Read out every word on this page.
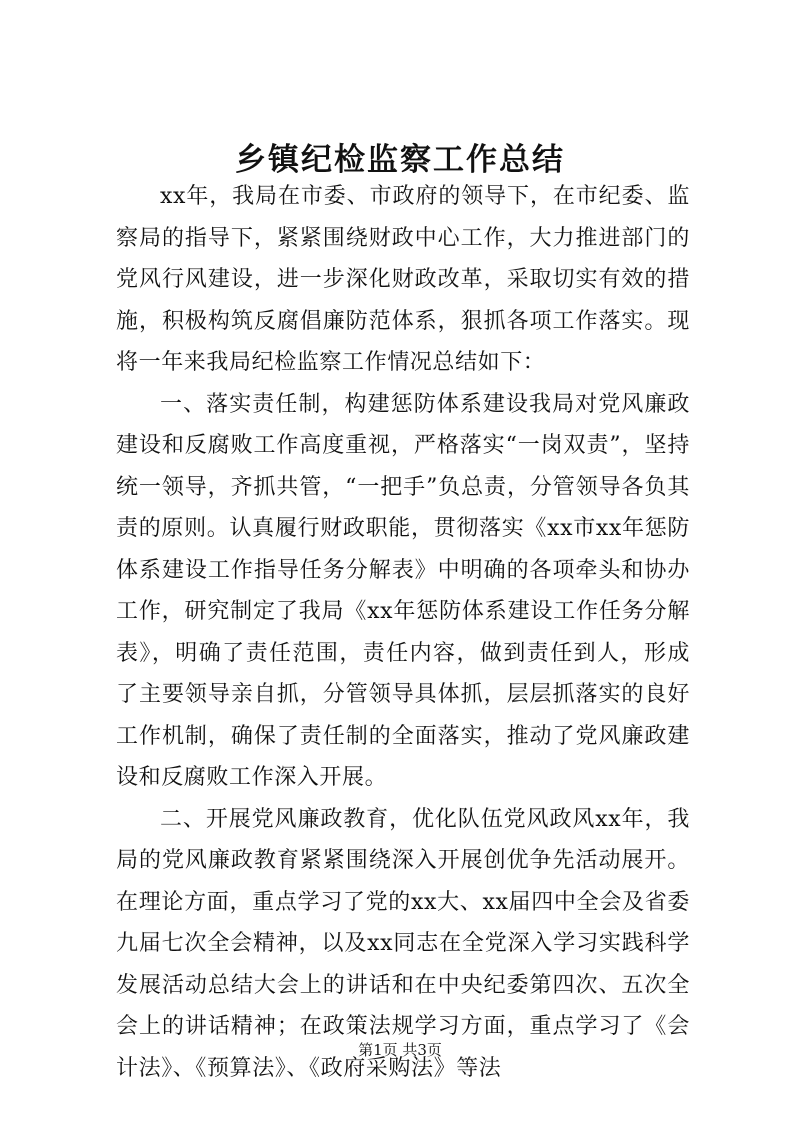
乡镇纪检监察工作总结

xx年，我局在市委、市政府的领导下，在市纪委、监察局的指导下，紧紧围绕财政中心工作，大力推进部门的党风行风建设，进一步深化财政改革，采取切实有效的措施，积极构筑反腐倡廉防范体系，狠抓各项工作落实。现将一年来我局纪检监察工作情况总结如下：

一、落实责任制，构建惩防体系建设我局对党风廉政建设和反腐败工作高度重视，严格落实“一岗双责”，坚持统一领导，齐抓共管，“一把手”负总责，分管领导各负其责的原则。认真履行财政职能，贯彻落实《xx市xx年惩防体系建设工作指导任务分解表》中明确的各项牵头和协办工作，研究制定了我局《xx年惩防体系建设工作任务分解表》，明确了责任范围，责任内容，做到责任到人，形成了主要领导亲自抓，分管领导具体抓，层层抓落实的良好工作机制，确保了责任制的全面落实，推动了党风廉政建设和反腐败工作深入开展。

二、开展党风廉政教育，优化队伍党风政风xx年，我局的党风廉政教育紧紧围绕深入开展创优争先活动展开。在理论方面，重点学习了党的xx大、xx届四中全会及省委九届七次全会精神，以及xx同志在全党深入学习实践科学发展活动总结大会上的讲话和在中央纪委第四次、五次全会上的讲话精神；在政策法规学习方面，重点学习了《会计法》、《预算法》、《政府采购法》等法

第1页 共3页
